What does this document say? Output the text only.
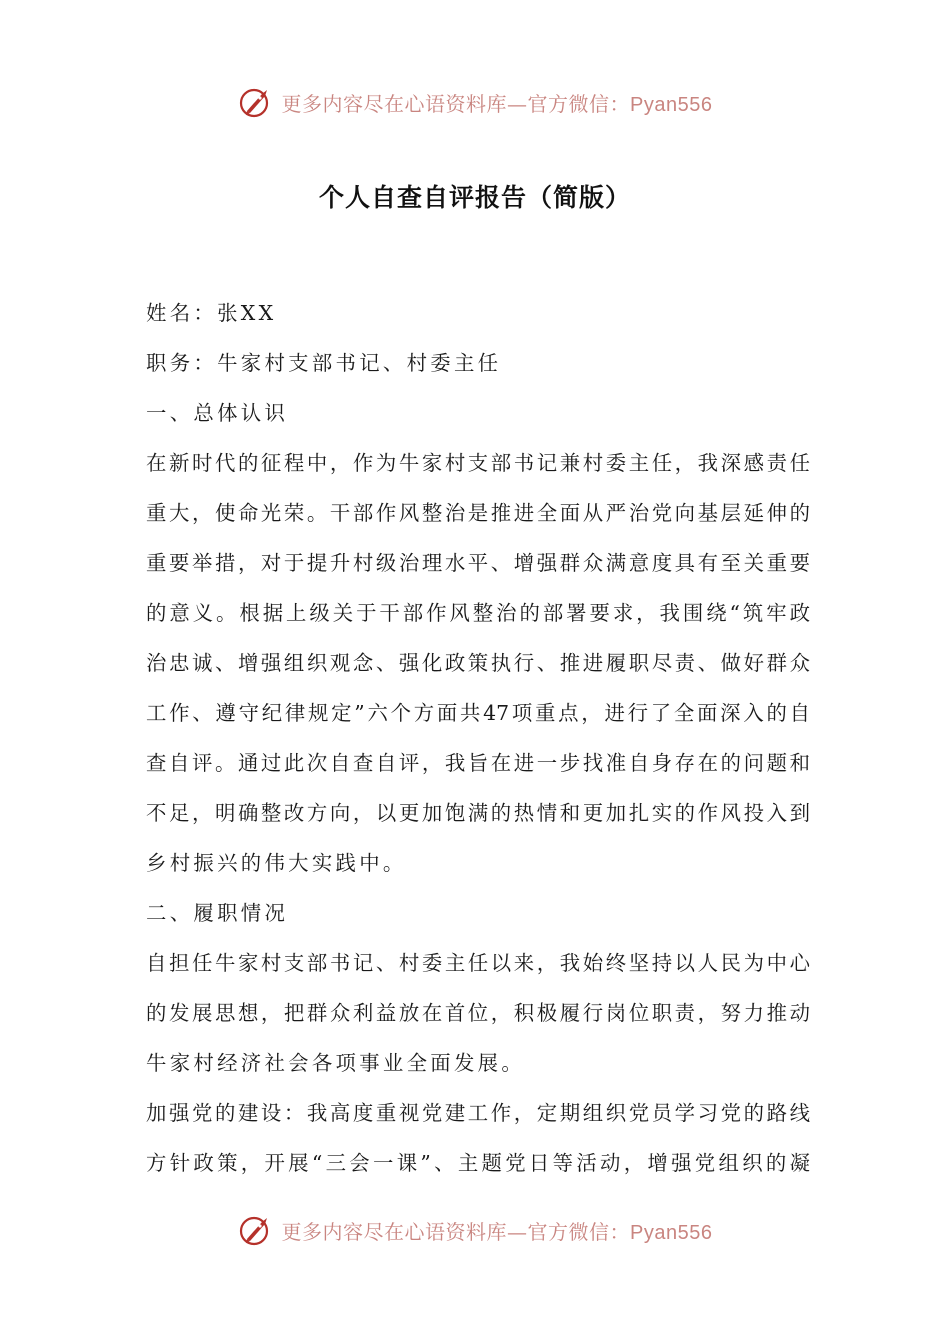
更多内容尽在心语资料库—官方微信：Pyan556
个人自查自评报告（简版）
姓名：张XX
职务：牛家村支部书记、村委主任
一、总体认识
在新时代的征程中，作为牛家村支部书记兼村委主任，我深感责任
重大，使命光荣。干部作风整治是推进全面从严治党向基层延伸的
重要举措，对于提升村级治理水平、增强群众满意度具有至关重要
的意义。根据上级关于干部作风整治的部署要求，我围绕“筑牢政
治忠诚、增强组织观念、强化政策执行、推进履职尽责、做好群众
工作、遵守纪律规定”六个方面共47项重点，进行了全面深入的自
查自评。通过此次自查自评，我旨在进一步找准自身存在的问题和
不足，明确整改方向，以更加饱满的热情和更加扎实的作风投入到
乡村振兴的伟大实践中。
二、履职情况
自担任牛家村支部书记、村委主任以来，我始终坚持以人民为中心
的发展思想，把群众利益放在首位，积极履行岗位职责，努力推动
牛家村经济社会各项事业全面发展。
加强党的建设：我高度重视党建工作，定期组织党员学习党的路线
方针政策，开展“三会一课”、主题党日等活动，增强党组织的凝
更多内容尽在心语资料库—官方微信：Pyan556
